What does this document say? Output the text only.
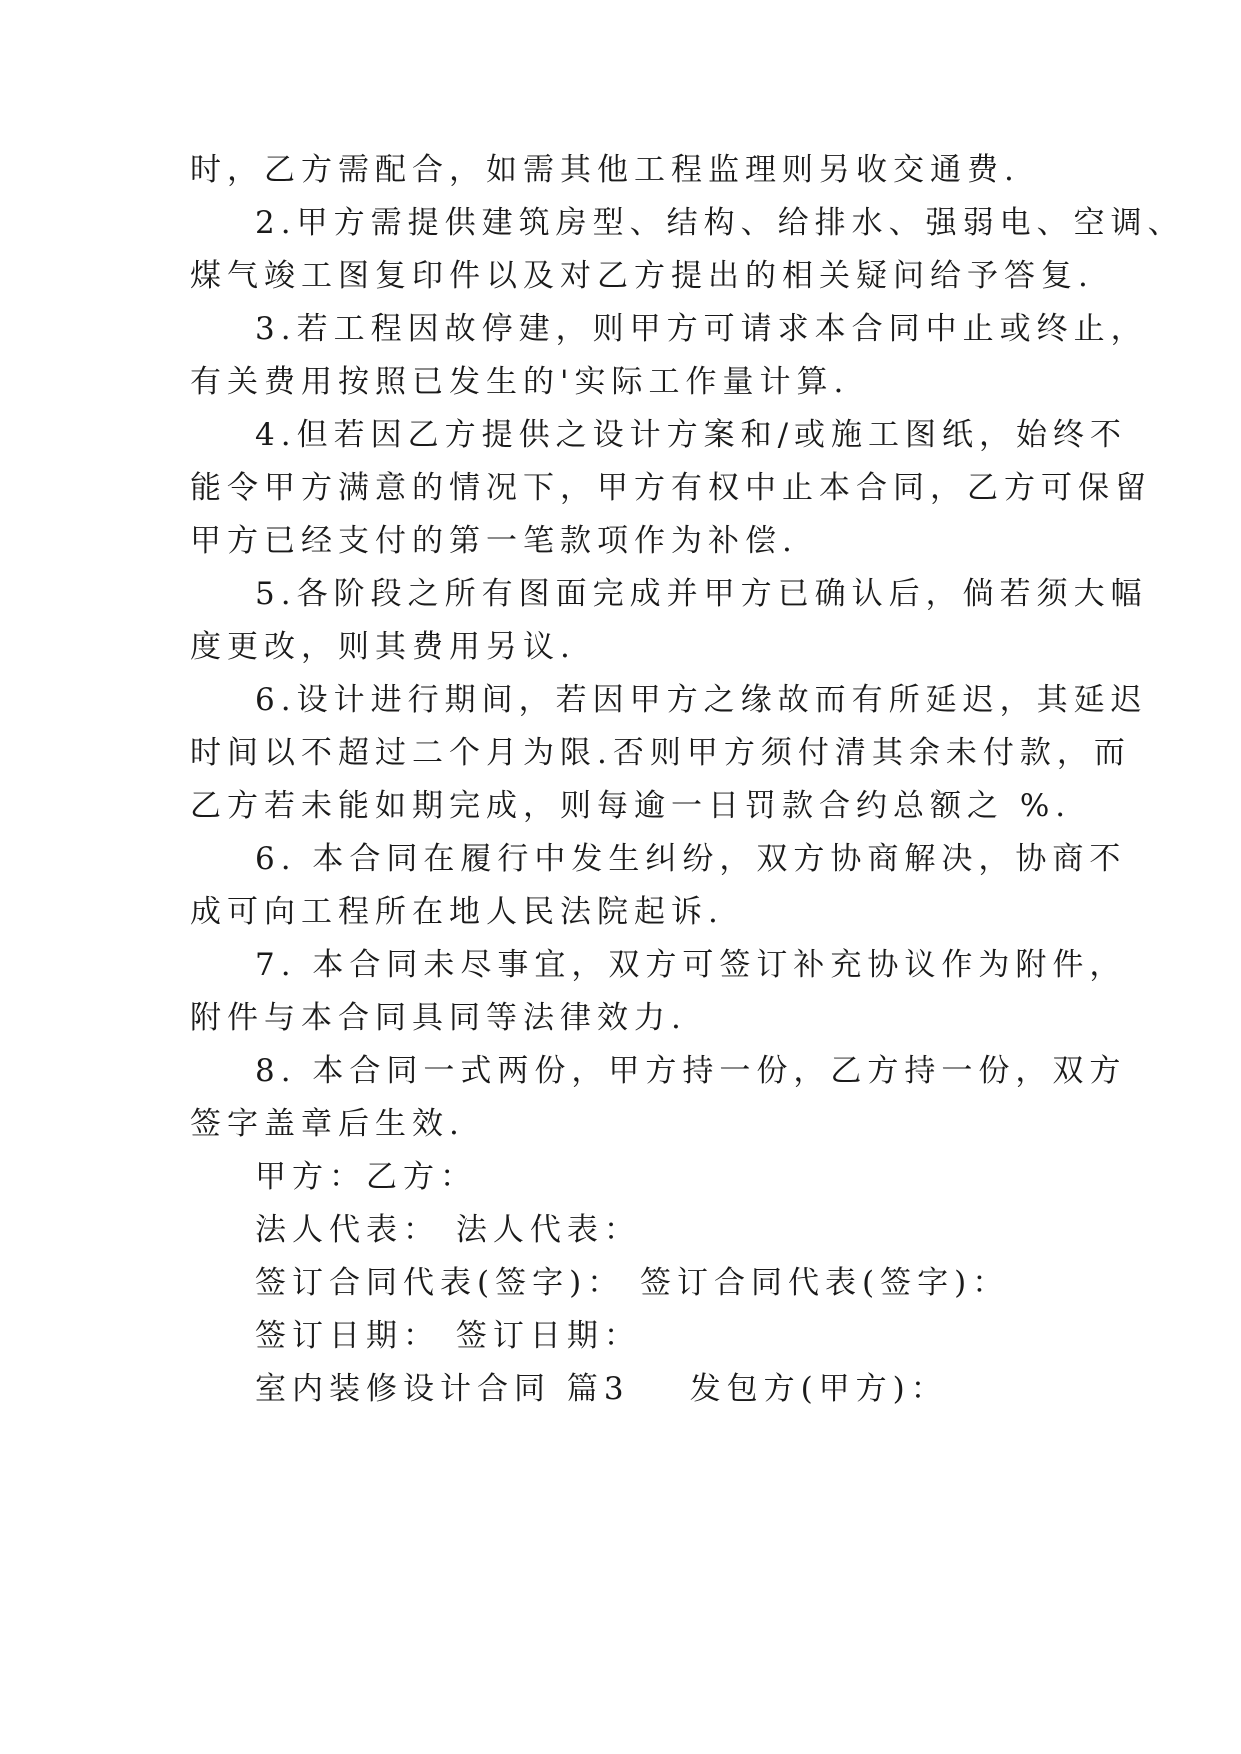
时，乙方需配合，如需其他工程监理则另收交通费.
2.甲方需提供建筑房型、结构、给排水、强弱电、空调、
煤气竣工图复印件以及对乙方提出的相关疑问给予答复.
3.若工程因故停建，则甲方可请求本合同中止或终止，
有关费用按照已发生的'实际工作量计算.
4.但若因乙方提供之设计方案和/或施工图纸，始终不
能令甲方满意的情况下，甲方有权中止本合同，乙方可保留
甲方已经支付的第一笔款项作为补偿.
5.各阶段之所有图面完成并甲方已确认后，倘若须大幅
度更改，则其费用另议.
6.设计进行期间，若因甲方之缘故而有所延迟，其延迟
时间以不超过二个月为限.否则甲方须付清其余未付款，而
乙方若未能如期完成，则每逾一日罚款合约总额之 %.
6. 本合同在履行中发生纠纷，双方协商解决，协商不
成可向工程所在地人民法院起诉.
7. 本合同未尽事宜，双方可签订补充协议作为附件，
附件与本合同具同等法律效力.
8. 本合同一式两份，甲方持一份，乙方持一份，双方
签字盖章后生效.
甲方：乙方：
法人代表： 法人代表：
签订合同代表(签字)： 签订合同代表(签字)：
签订日期： 签订日期：
室内装修设计合同 篇3 发包方(甲方)：
